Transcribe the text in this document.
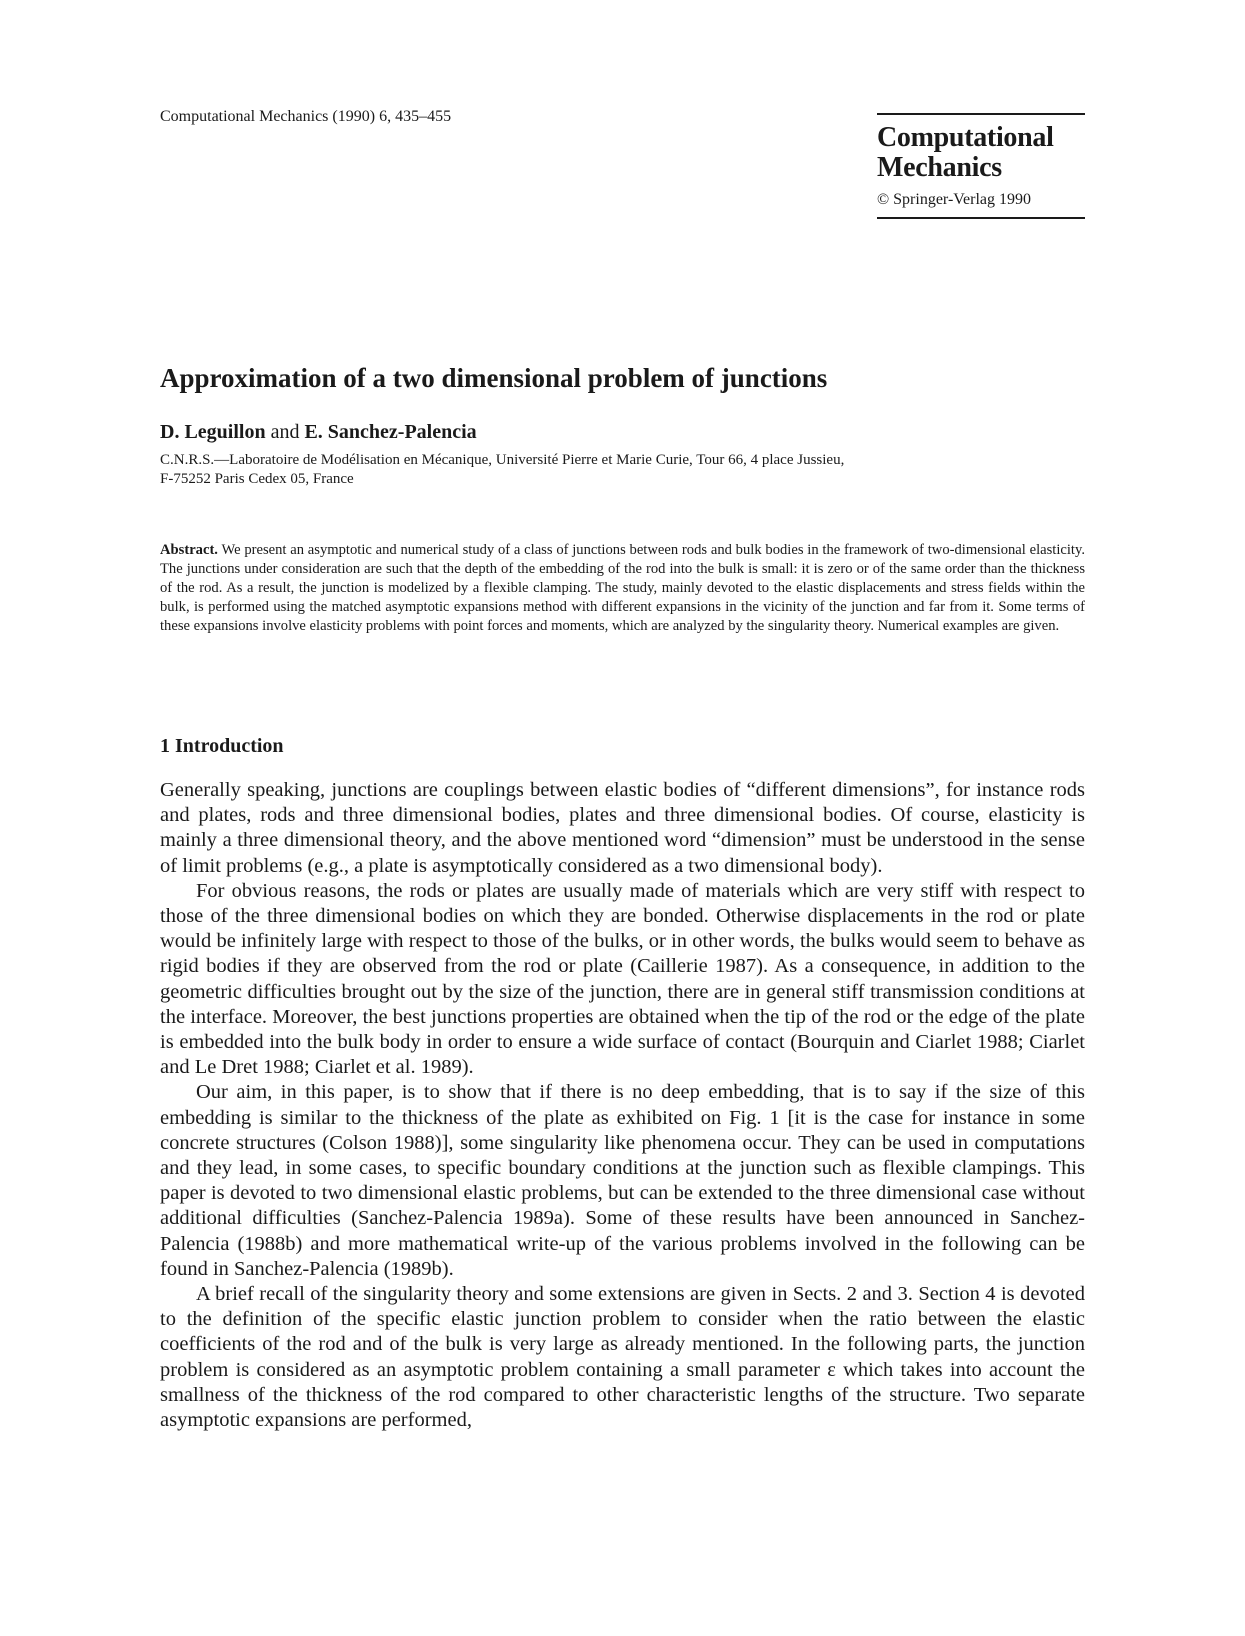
Computational Mechanics (1990) 6, 435–455
Computational
Mechanics
© Springer-Verlag 1990
Approximation of a two dimensional problem of junctions
D. Leguillon and E. Sanchez-Palencia
C.N.R.S.—Laboratoire de Modélisation en Mécanique, Université Pierre et Marie Curie, Tour 66, 4 place Jussieu,
F-75252 Paris Cedex 05, France
Abstract. We present an asymptotic and numerical study of a class of junctions between rods and bulk bodies in the framework of two-dimensional elasticity. The junctions under consideration are such that the depth of the embedding of the rod into the bulk is small: it is zero or of the same order than the thickness of the rod. As a result, the junction is modelized by a flexible clamping. The study, mainly devoted to the elastic displacements and stress fields within the bulk, is performed using the matched asymptotic expansions method with different expansions in the vicinity of the junction and far from it. Some terms of these expansions involve elasticity problems with point forces and moments, which are analyzed by the singularity theory. Numerical examples are given.
1 Introduction

Generally speaking, junctions are couplings between elastic bodies of “different dimensions”, for instance rods and plates, rods and three dimensional bodies, plates and three dimensional bodies. Of course, elasticity is mainly a three dimensional theory, and the above mentioned word “dimension” must be understood in the sense of limit problems (e.g., a plate is asymptotically considered as a two dimensional body).

For obvious reasons, the rods or plates are usually made of materials which are very stiff with respect to those of the three dimensional bodies on which they are bonded. Otherwise displacements in the rod or plate would be infinitely large with respect to those of the bulks, or in other words, the bulks would seem to behave as rigid bodies if they are observed from the rod or plate (Caillerie 1987). As a consequence, in addition to the geometric difficulties brought out by the size of the junction, there are in general stiff transmission conditions at the interface. Moreover, the best junctions properties are obtained when the tip of the rod or the edge of the plate is embedded into the bulk body in order to ensure a wide surface of contact (Bourquin and Ciarlet 1988; Ciarlet and Le Dret 1988; Ciarlet et al. 1989).

Our aim, in this paper, is to show that if there is no deep embedding, that is to say if the size of this embedding is similar to the thickness of the plate as exhibited on Fig. 1 [it is the case for instance in some concrete structures (Colson 1988)], some singularity like phenomena occur. They can be used in computations and they lead, in some cases, to specific boundary conditions at the junction such as flexible clampings. This paper is devoted to two dimensional elastic problems, but can be extended to the three dimensional case without additional difficulties (Sanchez-Palencia 1989a). Some of these results have been announced in Sanchez-Palencia (1988b) and more mathematical write-up of the various problems involved in the following can be found in Sanchez-Palencia (1989b).

A brief recall of the singularity theory and some extensions are given in Sects. 2 and 3. Section 4 is devoted to the definition of the specific elastic junction problem to consider when the ratio between the elastic coefficients of the rod and of the bulk is very large as already mentioned. In the following parts, the junction problem is considered as an asymptotic problem containing a small parameter ε which takes into account the smallness of the thickness of the rod compared to other characteristic lengths of the structure. Two separate asymptotic expansions are performed,
